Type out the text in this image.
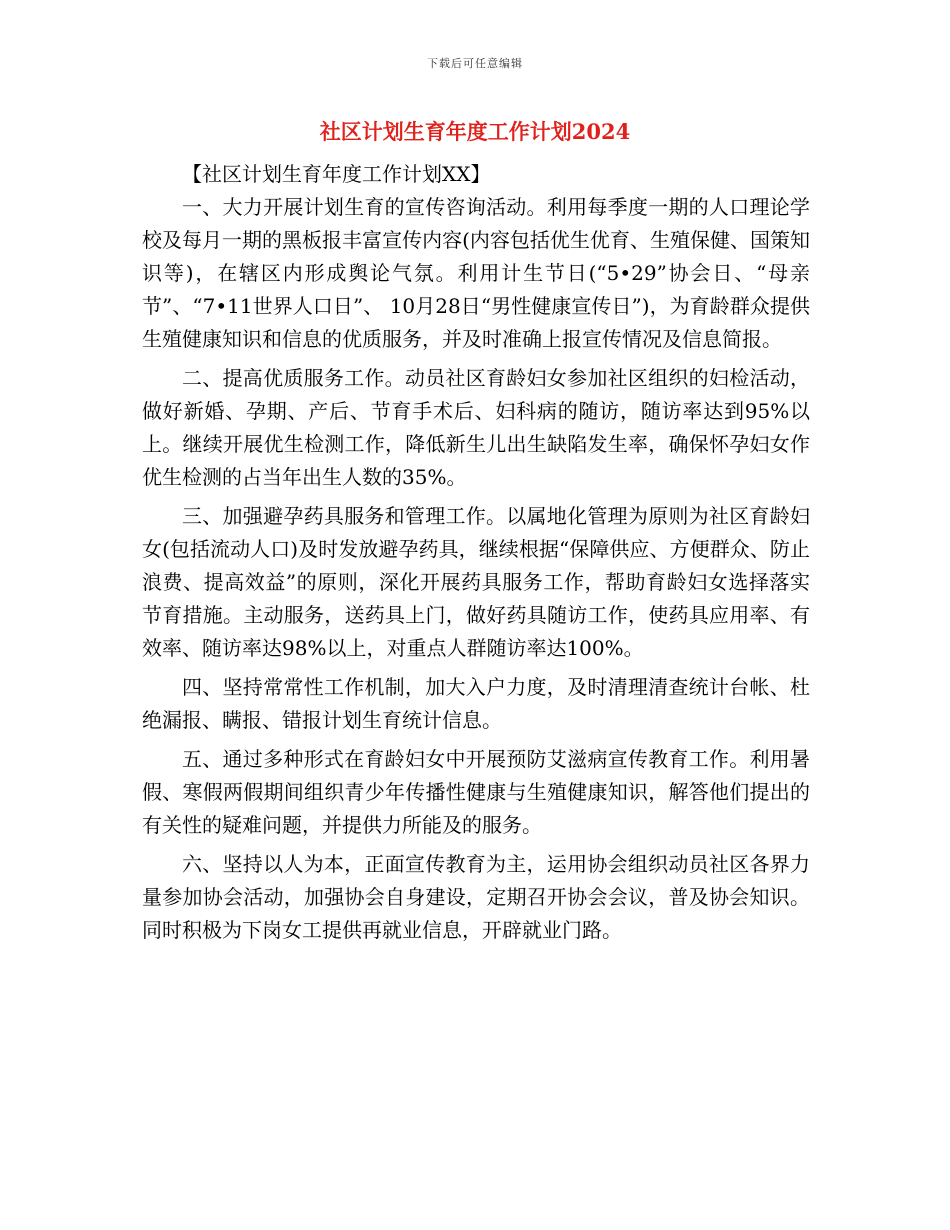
下载后可任意编辑
社区计划生育年度工作计划2024

【社区计划生育年度工作计划XX】

一、大力开展计划生育的宣传咨询活动。利用每季度一期的人口理论学校及每月一期的黑板报丰富宣传内容(内容包括优生优育、生殖保健、国策知识等)，在辖区内形成舆论气氛。利用计生节日(“5•29”协会日、“母亲节”、“7•11世界人口日”、 10月28日“男性健康宣传日”)，为育龄群众提供生殖健康知识和信息的优质服务，并及时准确上报宣传情况及信息简报。

二、提高优质服务工作。动员社区育龄妇女参加社区组织的妇检活动，做好新婚、孕期、产后、节育手术后、妇科病的随访，随访率达到95%以上。继续开展优生检测工作，降低新生儿出生缺陷发生率，确保怀孕妇女作优生检测的占当年出生人数的35%。

三、加强避孕药具服务和管理工作。以属地化管理为原则为社区育龄妇女(包括流动人口)及时发放避孕药具，继续根据“保障供应、方便群众、防止浪费、提高效益”的原则，深化开展药具服务工作，帮助育龄妇女选择落实节育措施。主动服务，送药具上门，做好药具随访工作，使药具应用率、有效率、随访率达98%以上，对重点人群随访率达100%。

四、坚持常常性工作机制，加大入户力度，及时清理清查统计台帐、杜绝漏报、瞒报、错报计划生育统计信息。

五、通过多种形式在育龄妇女中开展预防艾滋病宣传教育工作。利用暑假、寒假两假期间组织青少年传播性健康与生殖健康知识，解答他们提出的有关性的疑难问题，并提供力所能及的服务。

六、坚持以人为本，正面宣传教育为主，运用协会组织动员社区各界力量参加协会活动，加强协会自身建设，定期召开协会会议，普及协会知识。同时积极为下岗女工提供再就业信息，开辟就业门路。
